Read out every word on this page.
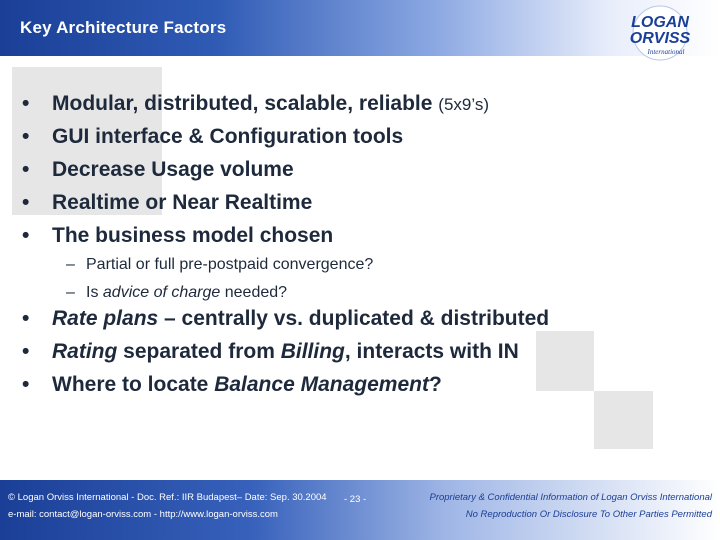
Key Architecture Factors	LOGAN
ORVISS
International
• Modular, distributed, scalable, reliable (5x9’s)
• GUI interface & Configuration tools
• Decrease Usage volume
• Realtime or Near Realtime
• The business model chosen
– Partial or full pre-postpaid convergence?
– Is advice of charge needed?
• Rate plans – centrally vs. duplicated & distributed
• Rating separated from Billing, interacts with IN
• Where to locate Balance Management?
© Logan Orviss International - Doc. Ref.: IIR Budapest– Date: Sep. 30.2004
e-mail: contact@logan-orviss.com - http://www.logan-orviss.com
- 23 -	Proprietary & Confidential Information of Logan Orviss International
No Reproduction Or Disclosure To Other Parties Permitted
